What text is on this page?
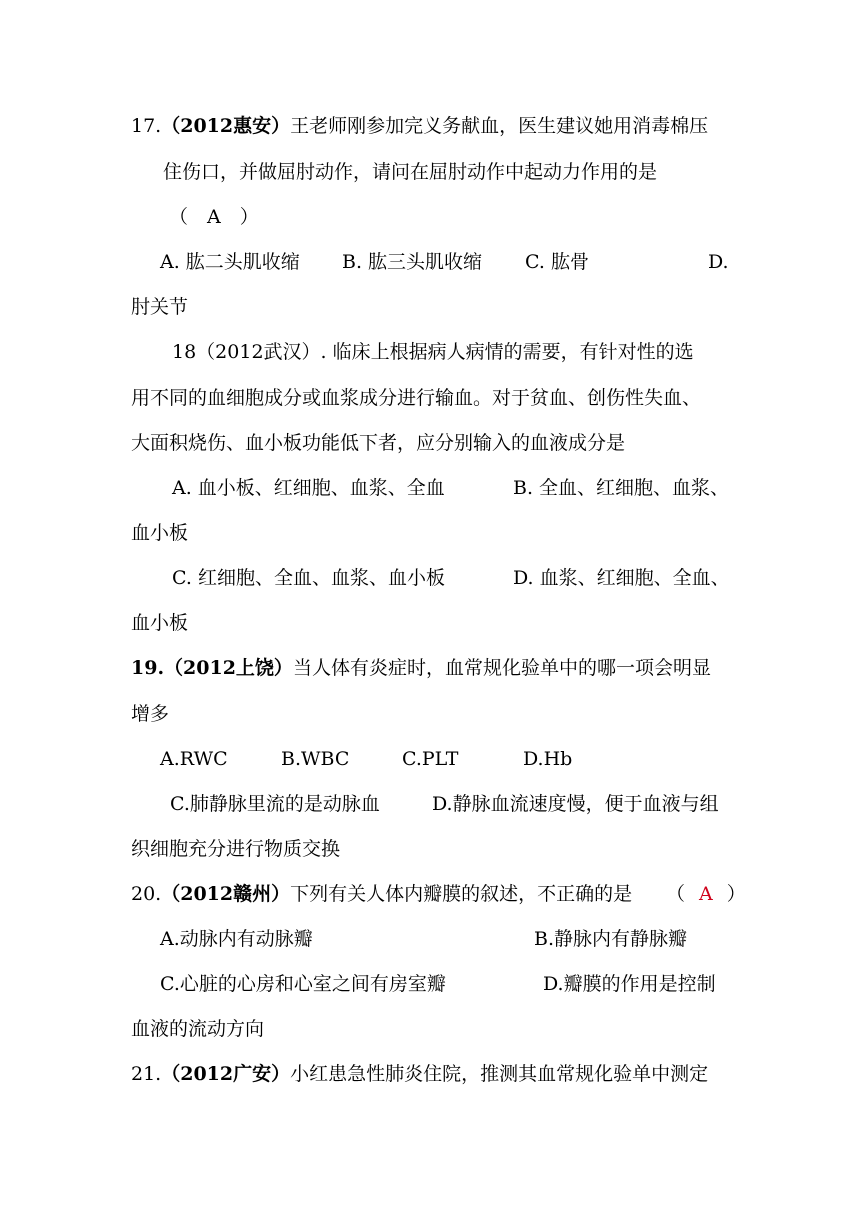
17.（2012惠安）王老师刚参加完义务献血，医生建议她用消毒棉压
住伤口，并做屈肘动作，请问在屈肘动作中起动力作用的是
（　A　）
A. 肱二头肌收缩 B. 肱三头肌收缩 C. 肱骨	D.
肘关节
18（2012武汉）. 临床上根据病人病情的需要，有针对性的选
用不同的血细胞成分或血浆成分进行输血。对于贫血、创伤性失血、
大面积烧伤、血小板功能低下者，应分别输入的血液成分是
A. 血小板、红细胞、血浆、全血	B. 全血、红细胞、血浆、
血小板
C. 红细胞、全血、血浆、血小板	D. 血浆、红细胞、全血、
血小板
19.（2012上饶）当人体有炎症时，血常规化验单中的哪一项会明显
增多
A.RWC	B.WBC	C.PLT	D.Hb
C.肺静脉里流的是动脉血	D.静脉血流速度慢，便于血液与组
织细胞充分进行物质交换
20.（2012赣州）下列有关人体内瓣膜的叙述，不正确的是 （ A ）
A.动脉内有动脉瓣	B.静脉内有静脉瓣
C.心脏的心房和心室之间有房室瓣	D.瓣膜的作用是控制
血液的流动方向
21.（2012广安）小红患急性肺炎住院，推测其血常规化验单中测定
